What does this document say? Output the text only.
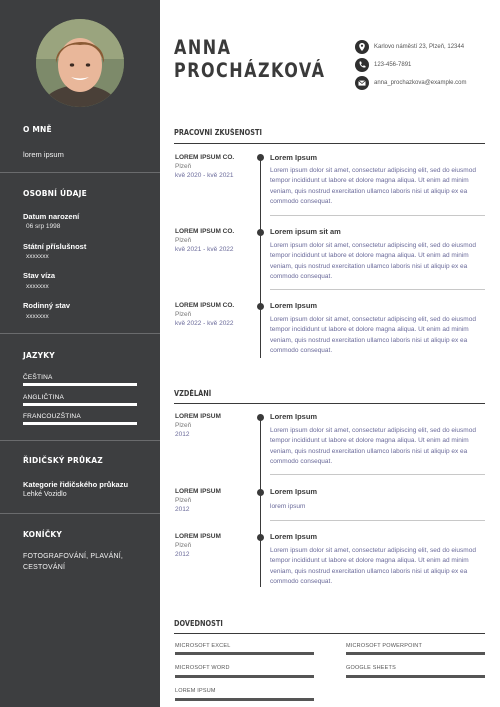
O MNĚ
lorem ipsum
OSOBNÍ ÚDAJE
Datum narození
06 srp 1998
Státní příslušnost
xxxxxxx
Stav víza
xxxxxxx
Rodinný stav
xxxxxxx
JAZYKY
ČEŠTINA
ANGLIČTINA
FRANCOUZŠTINA
ŘIDIČSKÝ PRŮKAZ
Kategorie řidičského průkazu
Lehké Vozidlo
KONÍČKY
FOTOGRAFOVÁNÍ, PLAVÁNÍ,
CESTOVÁNÍ
ANNA
PROCHÁZKOVÁ
Karlovo náměstí 23, Plzeň, 12344
123-456-7891
anna_prochazkova@example.com
PRACOVNÍ ZKUŠENOSTI
LOREM IPSUM CO.
Plzeň
kvě 2020 - kvě 2021
Lorem Ipsum
Lorem ipsum dolor sit amet, consectetur adipiscing elit, sed do eiusmod tempor incididunt ut labore et dolore magna aliqua. Ut enim ad minim veniam, quis nostrud exercitation ullamco laboris nisi ut aliquip ex ea commodo consequat.
LOREM IPSUM CO.
Plzeň
kvě 2021 - kvě 2022
Lorem ipsum sit am
Lorem ipsum dolor sit amet, consectetur adipiscing elit, sed do eiusmod tempor incididunt ut labore et dolore magna aliqua. Ut enim ad minim veniam, quis nostrud exercitation ullamco laboris nisi ut aliquip ex ea commodo consequat.
LOREM IPSUM CO.
Plzeň
kvě 2022 - kvě 2022
Lorem Ipsum
Lorem ipsum dolor sit amet, consectetur adipiscing elit, sed do eiusmod tempor incididunt ut labore et dolore magna aliqua. Ut enim ad minim veniam, quis nostrud exercitation ullamco laboris nisi ut aliquip ex ea commodo consequat.
VZDĚLÁNÍ
LOREM IPSUM
Plzeň
2012
Lorem Ipsum
Lorem ipsum dolor sit amet, consectetur adipiscing elit, sed do eiusmod tempor incididunt ut labore et dolore magna aliqua. Ut enim ad minim veniam, quis nostrud exercitation ullamco laboris nisi ut aliquip ex ea commodo consequat.
LOREM IPSUM
Plzeň
2012
Lorem Ipsum
lorem ipsum
LOREM IPSUM
Plzeň
2012
Lorem Ipsum
Lorem ipsum dolor sit amet, consectetur adipiscing elit, sed do eiusmod tempor incididunt ut labore et dolore magna aliqua. Ut enim ad minim veniam, quis nostrud exercitation ullamco laboris nisi ut aliquip ex ea commodo consequat.
DOVEDNOSTI
MICROSOFT EXCEL	MICROSOFT POWERPOINT
MICROSOFT WORD	GOOGLE SHEETS
LOREM IPSUM
